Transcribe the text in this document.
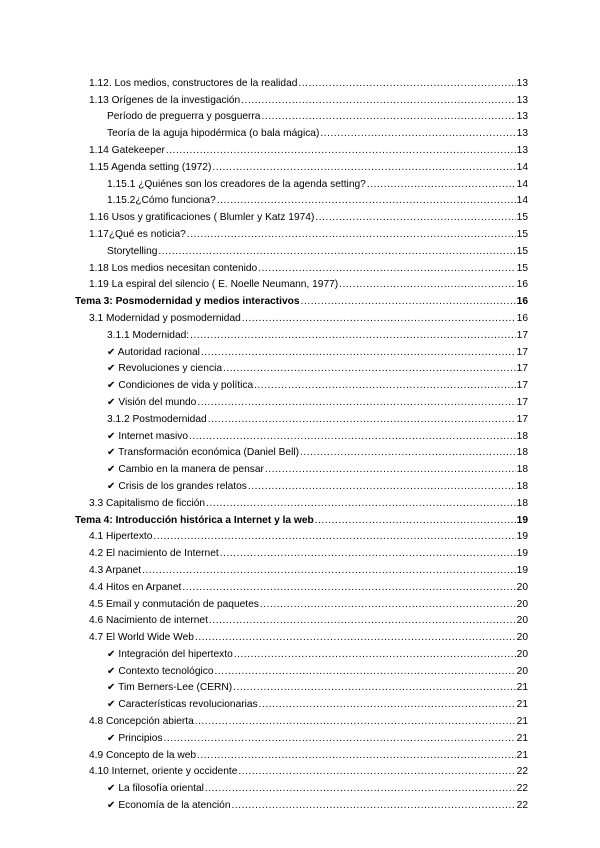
1.12. Los medios, constructores de la realidad .....	13
1.13 Orígenes de la investigación .....	13
Período de preguerra y posguerra .....	13
Teoría de la aguja hipodérmica (o bala mágica) .....	13
1.14 Gatekeeper .....	13
1.15 Agenda setting (1972) .....	14
1.15.1 ¿Quiénes son los creadores de la agenda setting? .....	14
1.15.2¿Cómo funciona? .....	14
1.16 Usos y gratificaciones ( Blumler y Katz 1974) .....	15
1.17¿Qué es noticia? .....	15
Storytelling .....	15
1.18 Los medios necesitan contenido .....	15
1.19 La espiral del silencio ( E. Noelle Neumann, 1977) .....	16
Tema 3: Posmodernidad y medios interactivos .....	16
3.1 Modernidad y posmodernidad .....	16
3.1.1 Modernidad: .....	17
✔ Autoridad racional .....	17
✔ Revoluciones y ciencia .....	17
✔ Condiciones de vida y política .....	17
✔ Visión del mundo .....	17
3.1.2 Postmodernidad .....	17
✔ Internet masivo .....	18
✔ Transformación económica (Daniel Bell) .....	18
✔ Cambio en la manera de pensar .....	18
✔ Crisis de los grandes relatos .....	18
3.3 Capitalismo de ficción .....	18
Tema 4: Introducción histórica a Internet y la web .....	19
4.1 Hipertexto .....	19
4.2 El nacimiento de Internet .....	19
4.3 Arpanet .....	19
4.4 Hitos en Arpanet .....	20
4.5 Email y conmutación de paquetes .....	20
4.6 Nacimiento de internet .....	20
4.7 El World Wide Web .....	20
✔ Integración del hipertexto .....	20
✔ Contexto tecnológico .....	20
✔ Tim Berners-Lee (CERN) .....	21
✔ Características revolucionarias .....	21
4.8 Concepción abierta .....	21
✔ Principios .....	21
4.9 Concepto de la web .....	21
4.10 Internet, oriente y occidente .....	22
✔ La filosofía oriental .....	22
✔ Economía de la atención .....	22
